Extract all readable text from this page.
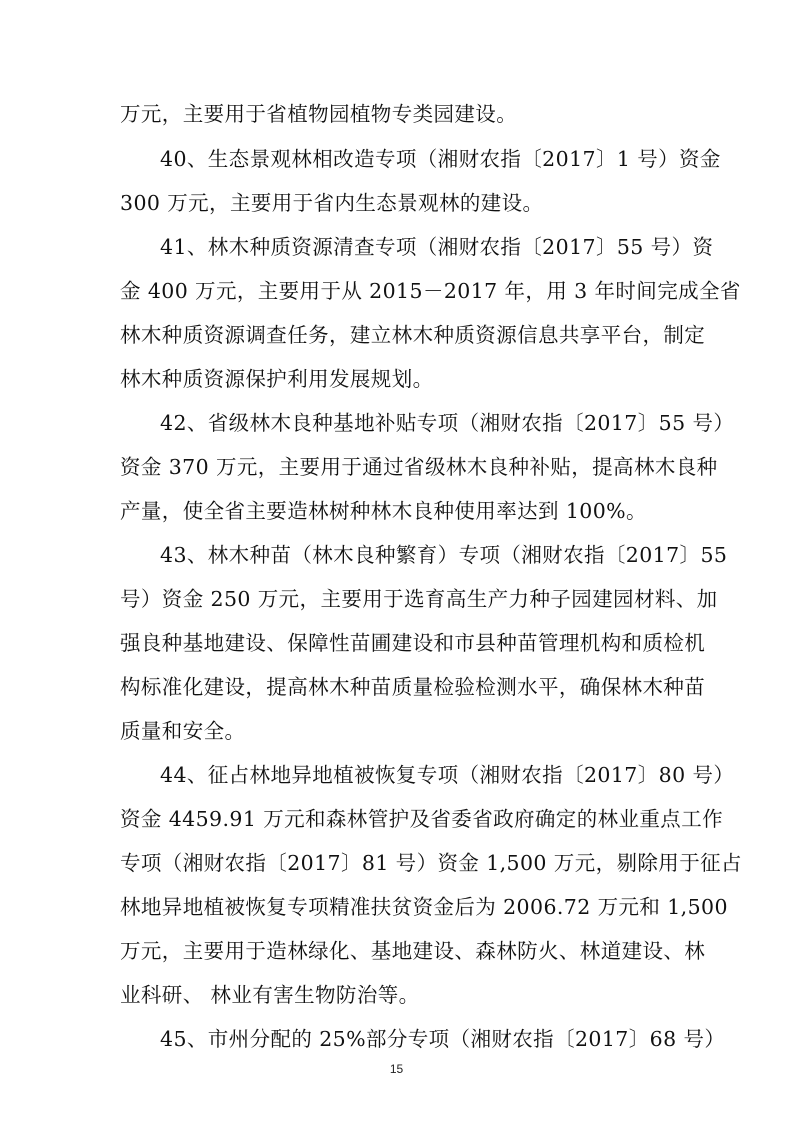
万元，主要用于省植物园植物专类园建设。
40、生态景观林相改造专项（湘财农指〔2017〕1 号）资金
300 万元，主要用于省内生态景观林的建设。
41、林木种质资源清查专项（湘财农指〔2017〕55 号）资
金 400 万元，主要用于从 2015－2017 年，用 3 年时间完成全省
林木种质资源调查任务，建立林木种质资源信息共享平台，制定
林木种质资源保护利用发展规划。
42、省级林木良种基地补贴专项（湘财农指〔2017〕55 号）
资金 370 万元，主要用于通过省级林木良种补贴，提高林木良种
产量，使全省主要造林树种林木良种使用率达到 100%。
43、林木种苗（林木良种繁育）专项（湘财农指〔2017〕55
号）资金 250 万元，主要用于选育高生产力种子园建园材料、加
强良种基地建设、保障性苗圃建设和市县种苗管理机构和质检机
构标准化建设，提高林木种苗质量检验检测水平，确保林木种苗
质量和安全。
44、征占林地异地植被恢复专项（湘财农指〔2017〕80 号）
资金 4459.91 万元和森林管护及省委省政府确定的林业重点工作
专项（湘财农指〔2017〕81 号）资金 1,500 万元，剔除用于征占
林地异地植被恢复专项精准扶贫资金后为 2006.72 万元和 1,500
万元，主要用于造林绿化、基地建设、森林防火、林道建设、林
业科研、 林业有害生物防治等。
45、市州分配的 25%部分专项（湘财农指〔2017〕68 号）
15
